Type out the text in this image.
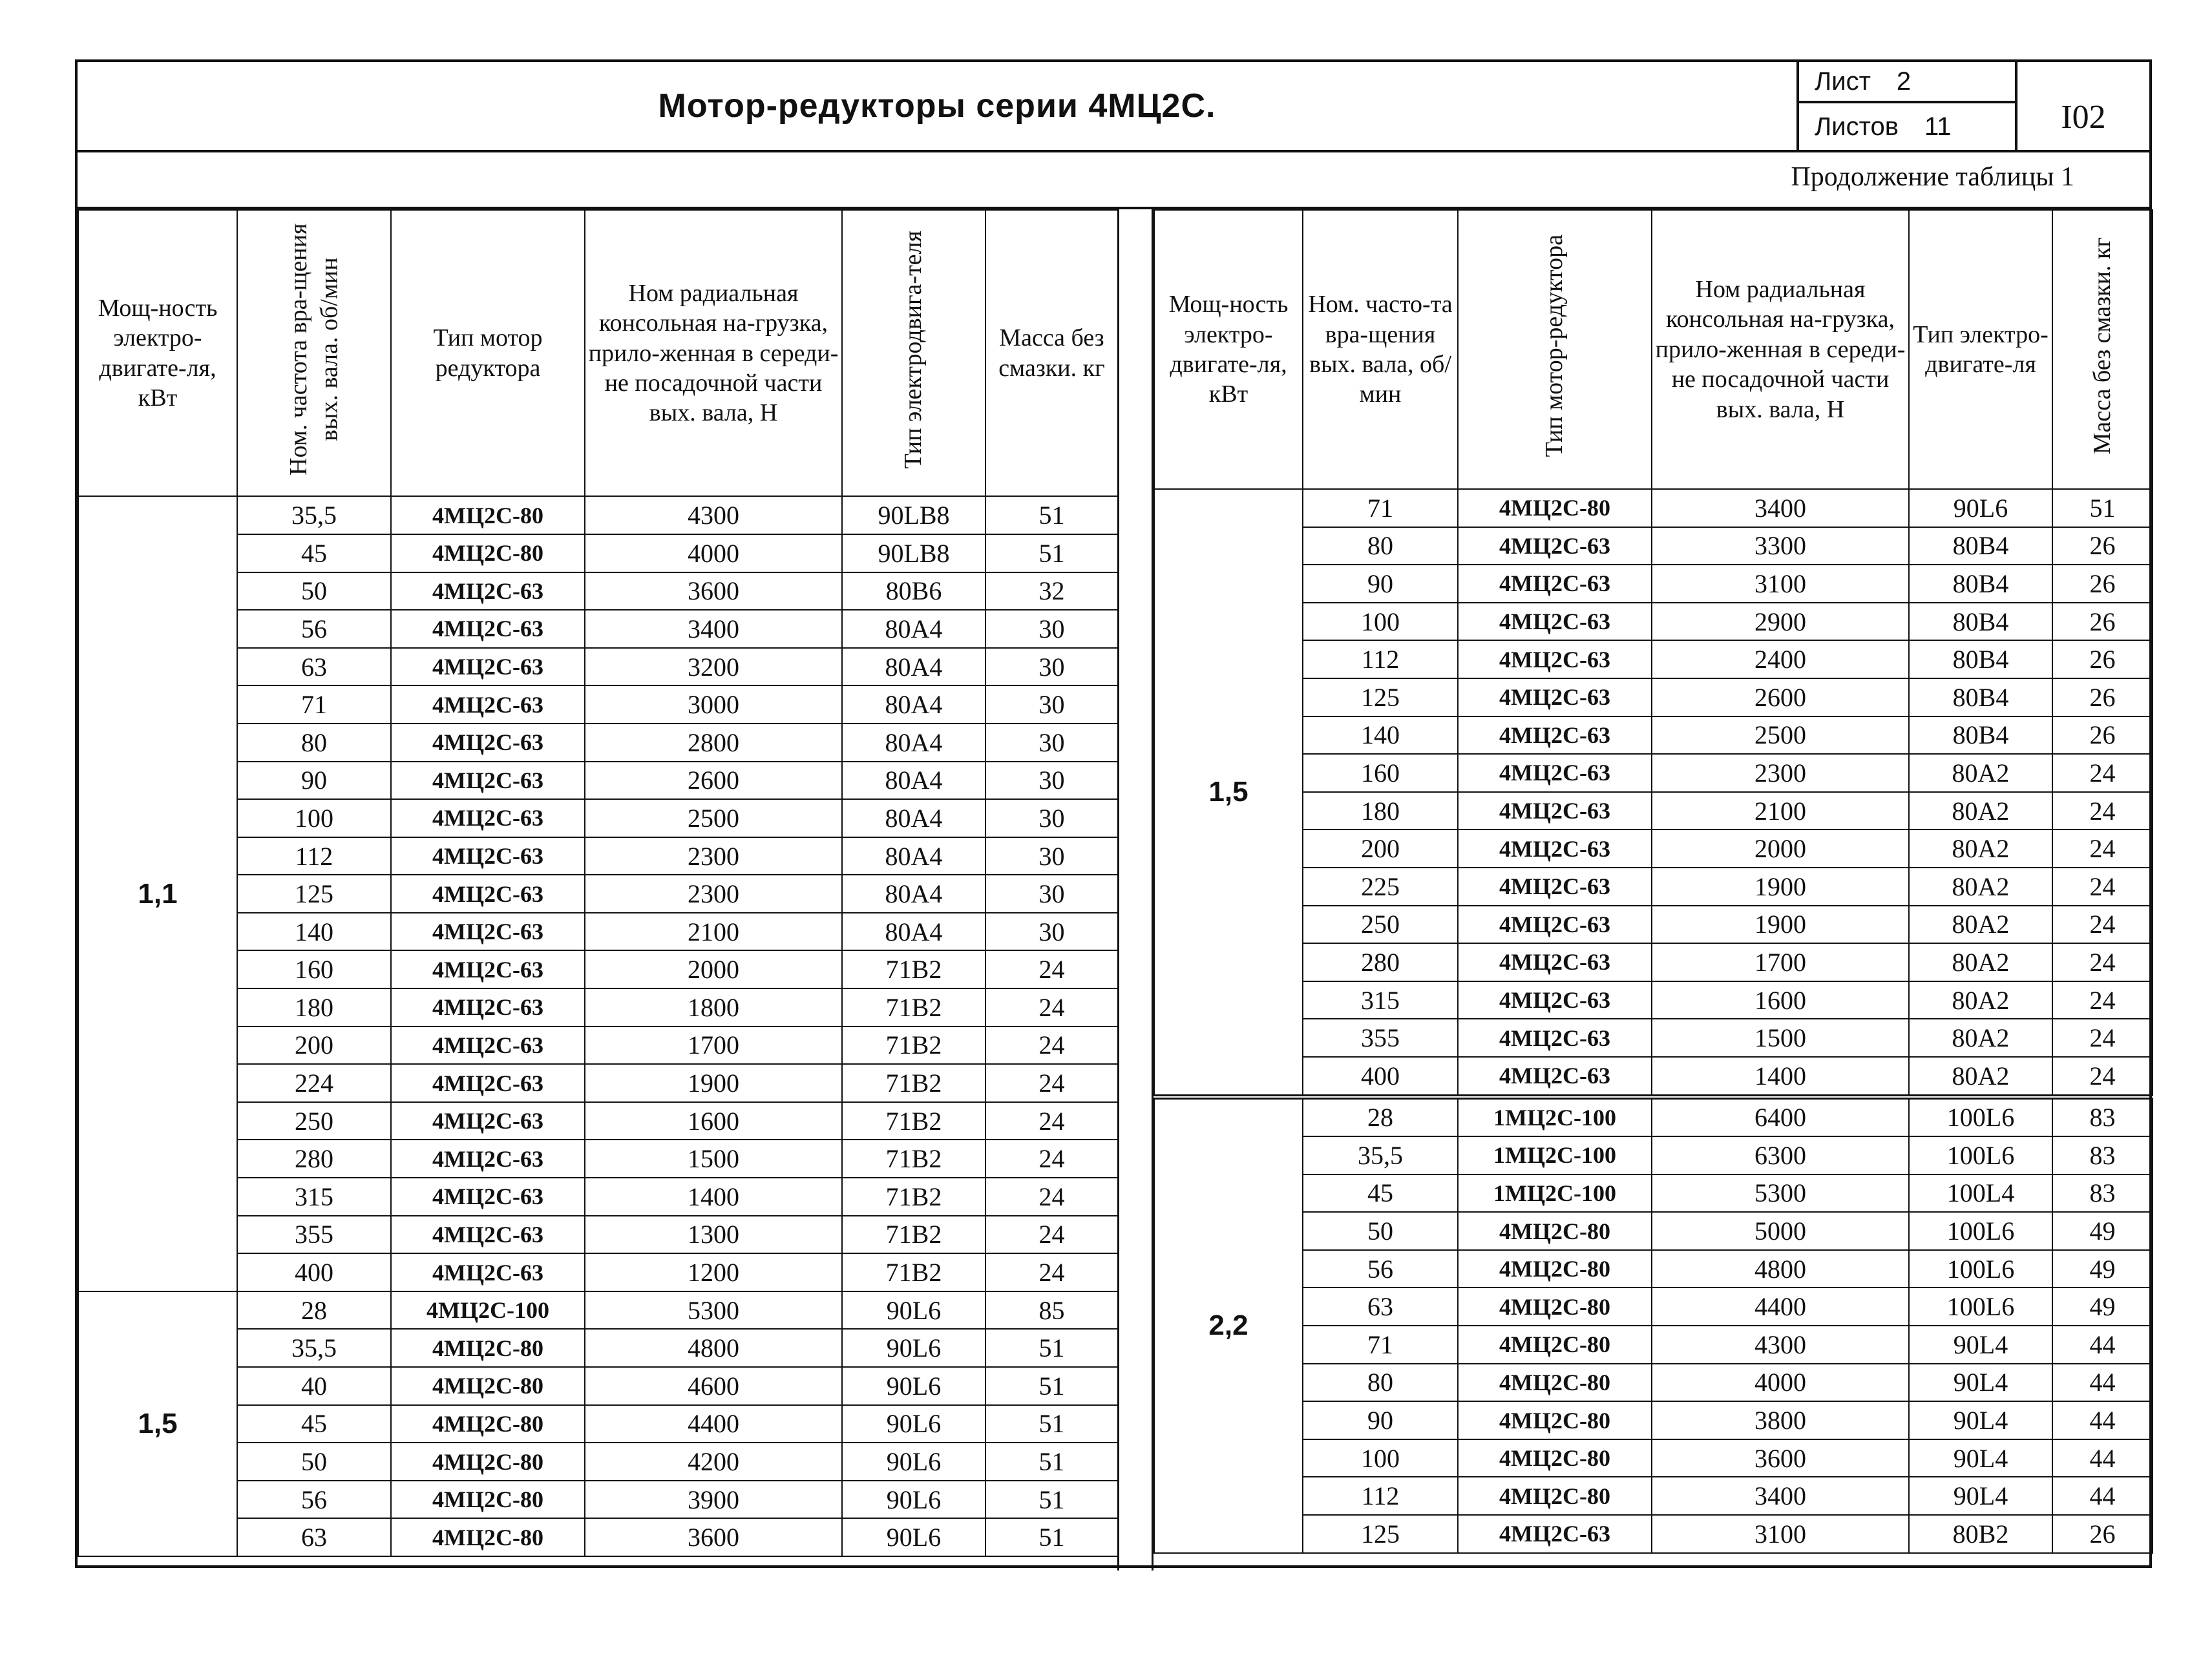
Мотор-редукторы серии 4МЦ2С.
Лист 2
Листов 11	I02
Продолжение таблицы 1
Мощ-ность электро-двигате-ля, кВт	Ном. частота вра-щения вых. вала. об/мин	Тип мотор редуктора	Ном радиальная консольная на-грузка, прило-женная в середи-не посадочной части вых. вала, Н	Тип электродвига-теля	Масса без смазки. кг
1,1	35,5	4МЦ2С-80	4300	90LB8	51
	45	4МЦ2С-80	4000	90LB8	51
	50	4МЦ2С-63	3600	80В6	32
	56	4МЦ2С-63	3400	80А4	30
	63	4МЦ2С-63	3200	80А4	30
	71	4МЦ2С-63	3000	80А4	30
	80	4МЦ2С-63	2800	80А4	30
	90	4МЦ2С-63	2600	80А4	30
	100	4МЦ2С-63	2500	80А4	30
	112	4МЦ2С-63	2300	80А4	30
	125	4МЦ2С-63	2300	80А4	30
	140	4МЦ2С-63	2100	80А4	30
	160	4МЦ2С-63	2000	71В2	24
	180	4МЦ2С-63	1800	71В2	24
	200	4МЦ2С-63	1700	71В2	24
	224	4МЦ2С-63	1900	71В2	24
	250	4МЦ2С-63	1600	71В2	24
	280	4МЦ2С-63	1500	71В2	24
	315	4МЦ2С-63	1400	71В2	24
	355	4МЦ2С-63	1300	71В2	24
	400	4МЦ2С-63	1200	71В2	24
1,5	28	4МЦ2С-100	5300	90L6	85
	35,5	4МЦ2С-80	4800	90L6	51
	40	4МЦ2С-80	4600	90L6	51
	45	4МЦ2С-80	4400	90L6	51
	50	4МЦ2С-80	4200	90L6	51
	56	4МЦ2С-80	3900	90L6	51
	63	4МЦ2С-80	3600	90L6	51
Мощ-ность электро-двигате-ля, кВт	Ном. часто-та вра-щения вых. вала, об/мин	Тип мотор-редуктора	Ном радиальная консольная на-грузка, прило-женная в середи-не посадочной части вых. вала, Н	Тип электро-двигате-ля	Масса без смазки. кг
1,5	71	4МЦ2С-80	3400	90L6	51
	80	4МЦ2С-63	3300	80В4	26
	90	4МЦ2С-63	3100	80В4	26
	100	4МЦ2С-63	2900	80В4	26
	112	4МЦ2С-63	2400	80В4	26
	125	4МЦ2С-63	2600	80В4	26
	140	4МЦ2С-63	2500	80В4	26
	160	4МЦ2С-63	2300	80А2	24
	180	4МЦ2С-63	2100	80А2	24
	200	4МЦ2С-63	2000	80А2	24
	225	4МЦ2С-63	1900	80А2	24
	250	4МЦ2С-63	1900	80А2	24
	280	4МЦ2С-63	1700	80А2	24
	315	4МЦ2С-63	1600	80А2	24
	355	4МЦ2С-63	1500	80А2	24
	400	4МЦ2С-63	1400	80А2	24
2,2	28	1МЦ2С-100	6400	100L6	83
	35,5	1МЦ2С-100	6300	100L6	83
	45	1МЦ2С-100	5300	100L4	83
	50	4МЦ2С-80	5000	100L6	49
	56	4МЦ2С-80	4800	100L6	49
	63	4МЦ2С-80	4400	100L6	49
	71	4МЦ2С-80	4300	90L4	44
	80	4МЦ2С-80	4000	90L4	44
	90	4МЦ2С-80	3800	90L4	44
	100	4МЦ2С-80	3600	90L4	44
	112	4МЦ2С-80	3400	90L4	44
	125	4МЦ2С-63	3100	80В2	26
